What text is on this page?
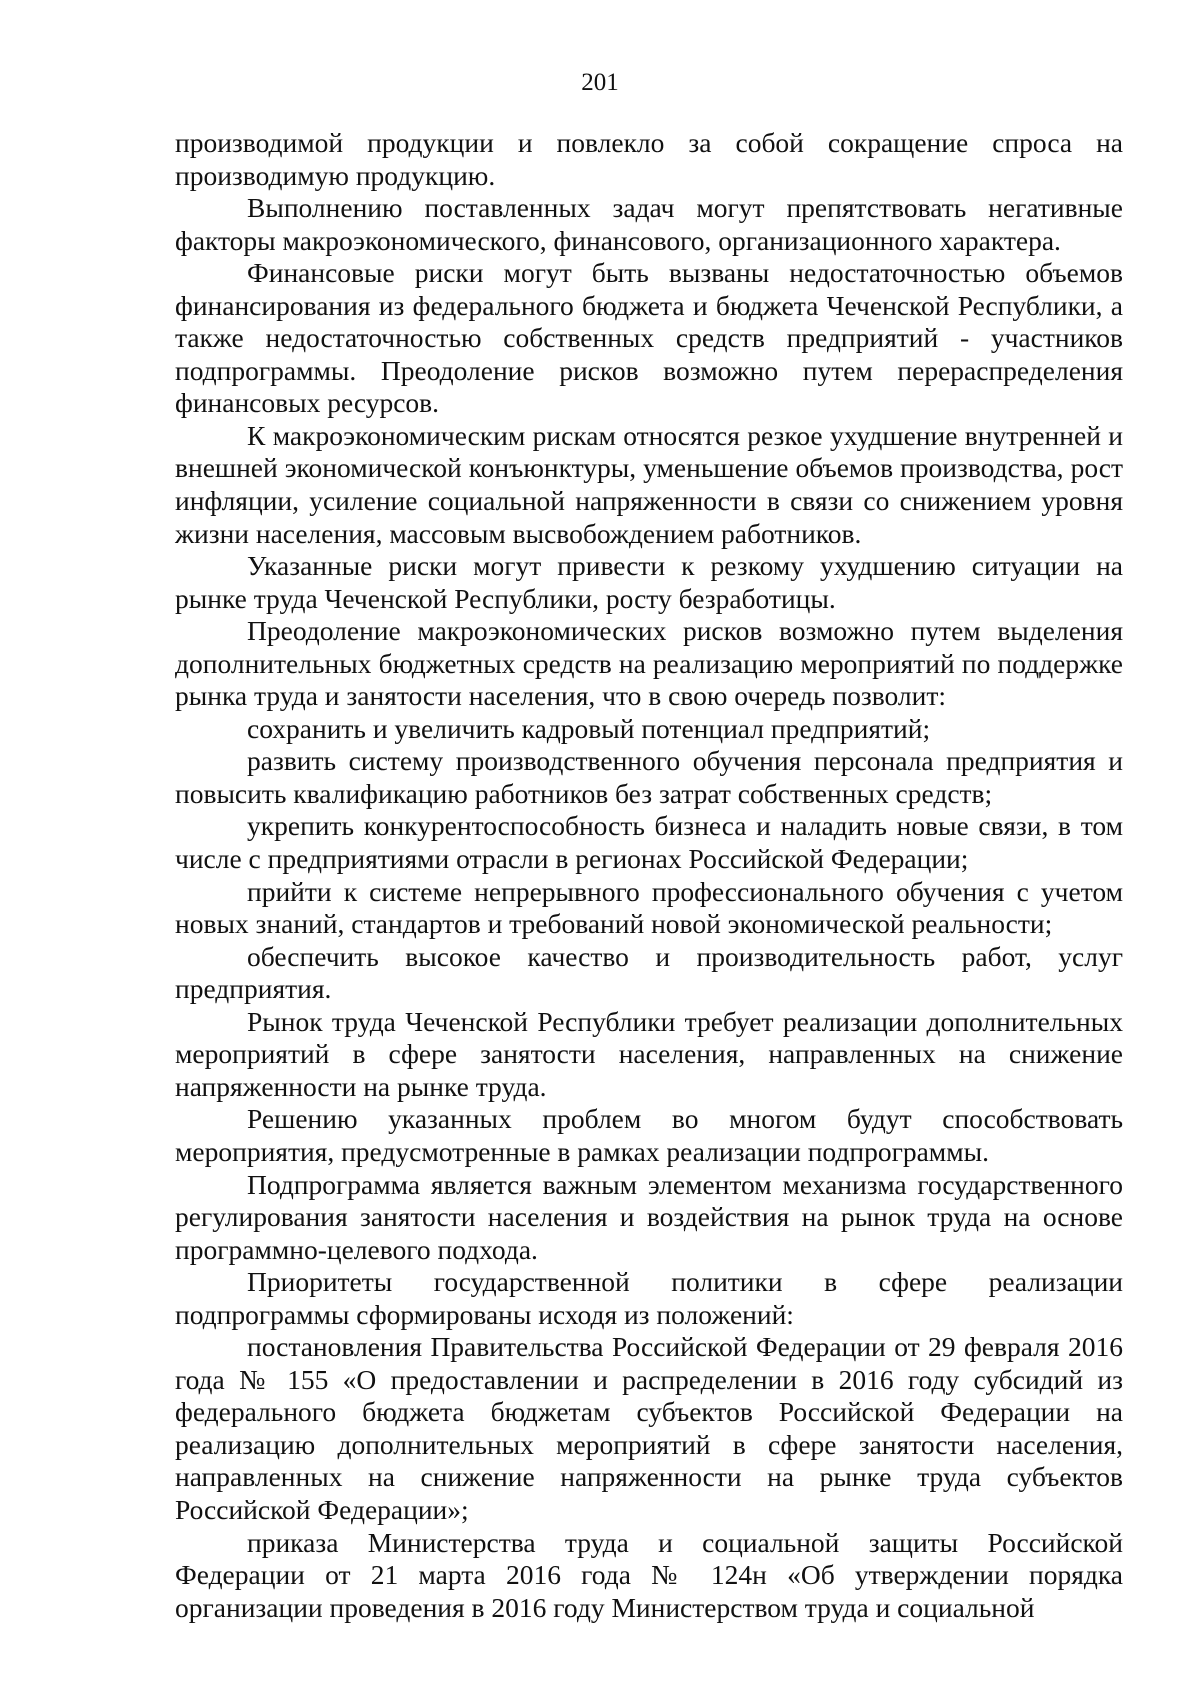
201

производимой продукции и повлекло за собой сокращение спроса на производимую продукцию.

Выполнению поставленных задач могут препятствовать негативные факторы макроэкономического, финансового, организационного характера.

Финансовые риски могут быть вызваны недостаточностью объемов финансирования из федерального бюджета и бюджета Чеченской Республики, а также недостаточностью собственных средств предприятий - участников подпрограммы. Преодоление рисков возможно путем перераспределения финансовых ресурсов.

К макроэкономическим рискам относятся резкое ухудшение внутренней и внешней экономической конъюнктуры, уменьшение объемов производства, рост инфляции, усиление социальной напряженности в связи со снижением уровня жизни населения, массовым высвобождением работников.

Указанные риски могут привести к резкому ухудшению ситуации на рынке труда Чеченской Республики, росту безработицы.

Преодоление макроэкономических рисков возможно путем выделения дополнительных бюджетных средств на реализацию мероприятий по поддержке рынка труда и занятости населения, что в свою очередь позволит:

сохранить и увеличить кадровый потенциал предприятий;

развить систему производственного обучения персонала предприятия и повысить квалификацию работников без затрат собственных средств;

укрепить конкурентоспособность бизнеса и наладить новые связи, в том числе с предприятиями отрасли в регионах Российской Федерации;

прийти к системе непрерывного профессионального обучения с учетом новых знаний, стандартов и требований новой экономической реальности;

обеспечить высокое качество и производительность работ, услуг предприятия.

Рынок труда Чеченской Республики требует реализации дополнительных мероприятий в сфере занятости населения, направленных на снижение напряженности на рынке труда.

Решению указанных проблем во многом будут способствовать мероприятия, предусмотренные в рамках реализации подпрограммы.

Подпрограмма является важным элементом механизма государственного регулирования занятости населения и воздействия на рынок труда на основе программно-целевого подхода.

Приоритеты государственной политики в сфере реализации подпрограммы сформированы исходя из положений:

постановления Правительства Российской Федерации от 29 февраля 2016 года № 155 «О предоставлении и распределении в 2016 году субсидий из федерального бюджета бюджетам субъектов Российской Федерации на реализацию дополнительных мероприятий в сфере занятости населения, направленных на снижение напряженности на рынке труда субъектов Российской Федерации»;

приказа Министерства труда и социальной защиты Российской Федерации от 21 марта 2016 года № 124н «Об утверждении порядка организации проведения в 2016 году Министерством труда и социальной
